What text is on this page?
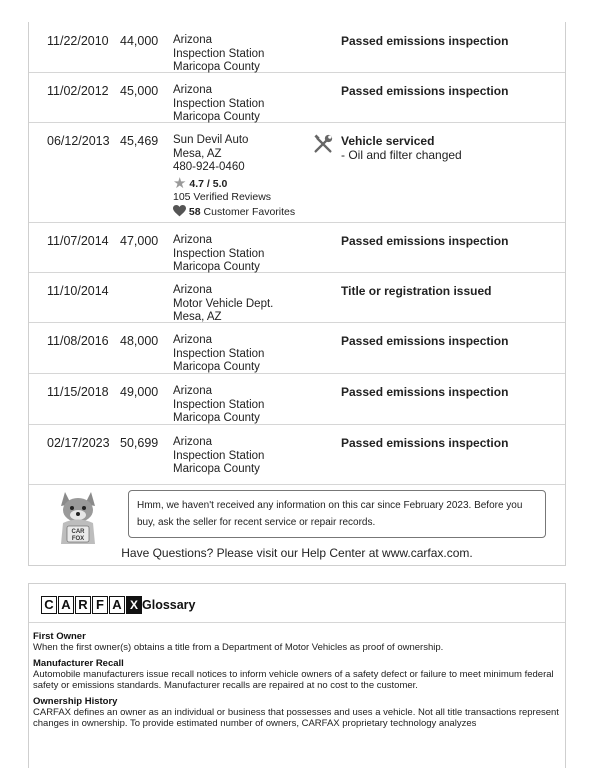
11/22/2010 44,000 Arizona
Inspection Station
Maricopa County
Passed emissions inspection
11/02/2012 45,000 Arizona
Inspection Station
Maricopa County
Passed emissions inspection
06/12/2013 45,469 Sun Devil Auto
Mesa, AZ
480-924-0460
★ 4.7 / 5.0
105 Verified Reviews
58 Customer Favorites
Vehicle serviced
- Oil and filter changed
11/07/2014 47,000 Arizona
Inspection Station
Maricopa County
Passed emissions inspection
11/10/2014	Arizona
Motor Vehicle Dept.
Mesa, AZ
Title or registration issued
11/08/2016 48,000 Arizona
Inspection Station
Maricopa County
Passed emissions inspection
11/15/2018 49,000 Arizona
Inspection Station
Maricopa County
Passed emissions inspection
02/17/2023 50,699 Arizona
Inspection Station
Maricopa County
Passed emissions inspection
CAR
FOX
Hmm, we haven't received any information on this car since February 2023. Before you buy, ask the seller for recent service or repair records.
Have Questions? Please visit our Help Center at www.carfax.com.
C A R F A X Glossary
First Owner
When the first owner(s) obtains a title from a Department of Motor Vehicles as proof of ownership.
Manufacturer Recall
Automobile manufacturers issue recall notices to inform vehicle owners of a safety defect or failure to meet minimum federal safety or emissions standards. Manufacturer recalls are repaired at no cost to the customer.
Ownership History
CARFAX defines an owner as an individual or business that possesses and uses a vehicle. Not all title transactions represent changes in ownership. To provide estimated number of owners, CARFAX proprietary technology analyzes
